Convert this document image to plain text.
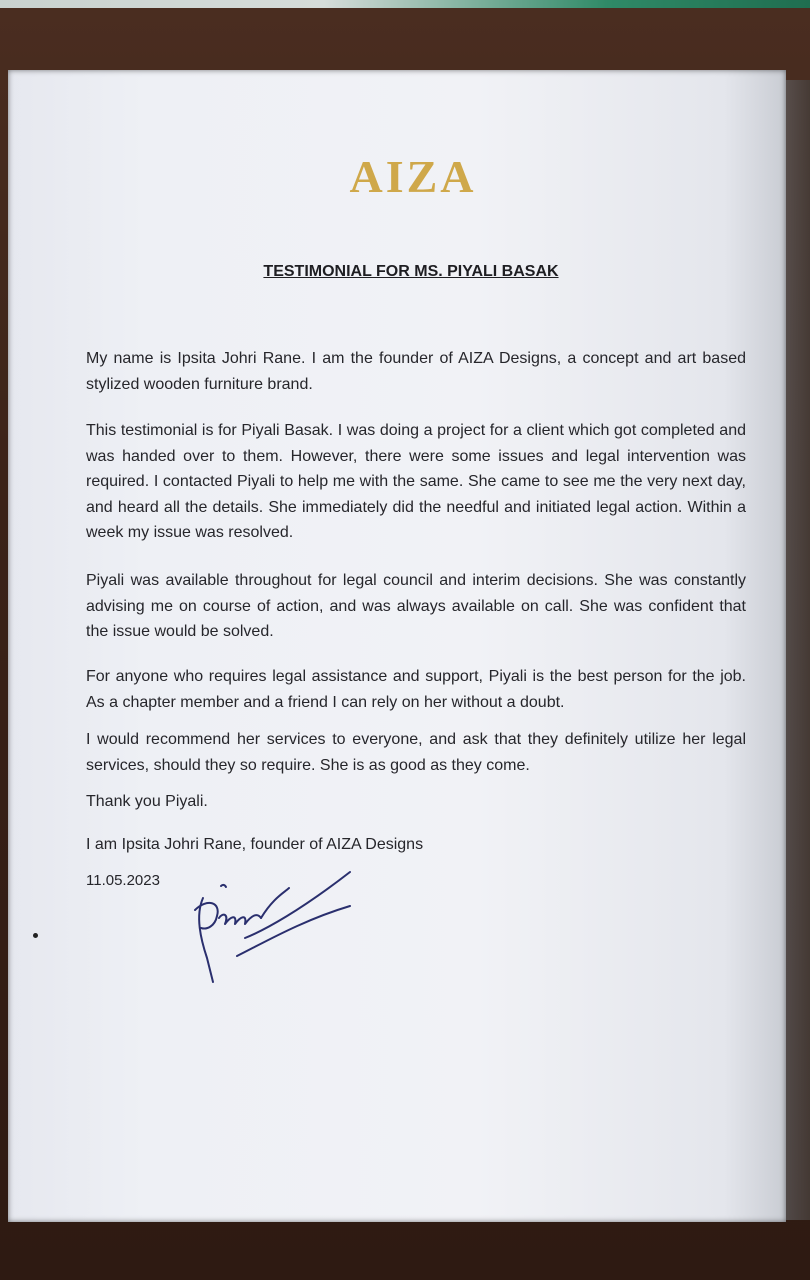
AIZA
TESTIMONIAL FOR MS. PIYALI BASAK

My name is Ipsita Johri Rane. I am the founder of AIZA Designs, a concept and art based stylized wooden furniture brand.

This testimonial is for Piyali Basak. I was doing a project for a client which got completed and was handed over to them. However, there were some issues and legal intervention was required. I contacted Piyali to help me with the same. She came to see me the very next day, and heard all the details. She immediately did the needful and initiated legal action. Within a week my issue was resolved.

Piyali was available throughout for legal council and interim decisions. She was constantly advising me on course of action, and was always available on call. She was confident that the issue would be solved.

For anyone who requires legal assistance and support, Piyali is the best person for the job. As a chapter member and a friend I can rely on her without a doubt.

I would recommend her services to everyone, and ask that they definitely utilize her legal services, should they so require. She is as good as they come.

Thank you Piyali.

I am Ipsita Johri Rane, founder of AIZA Designs

11.05.2023
